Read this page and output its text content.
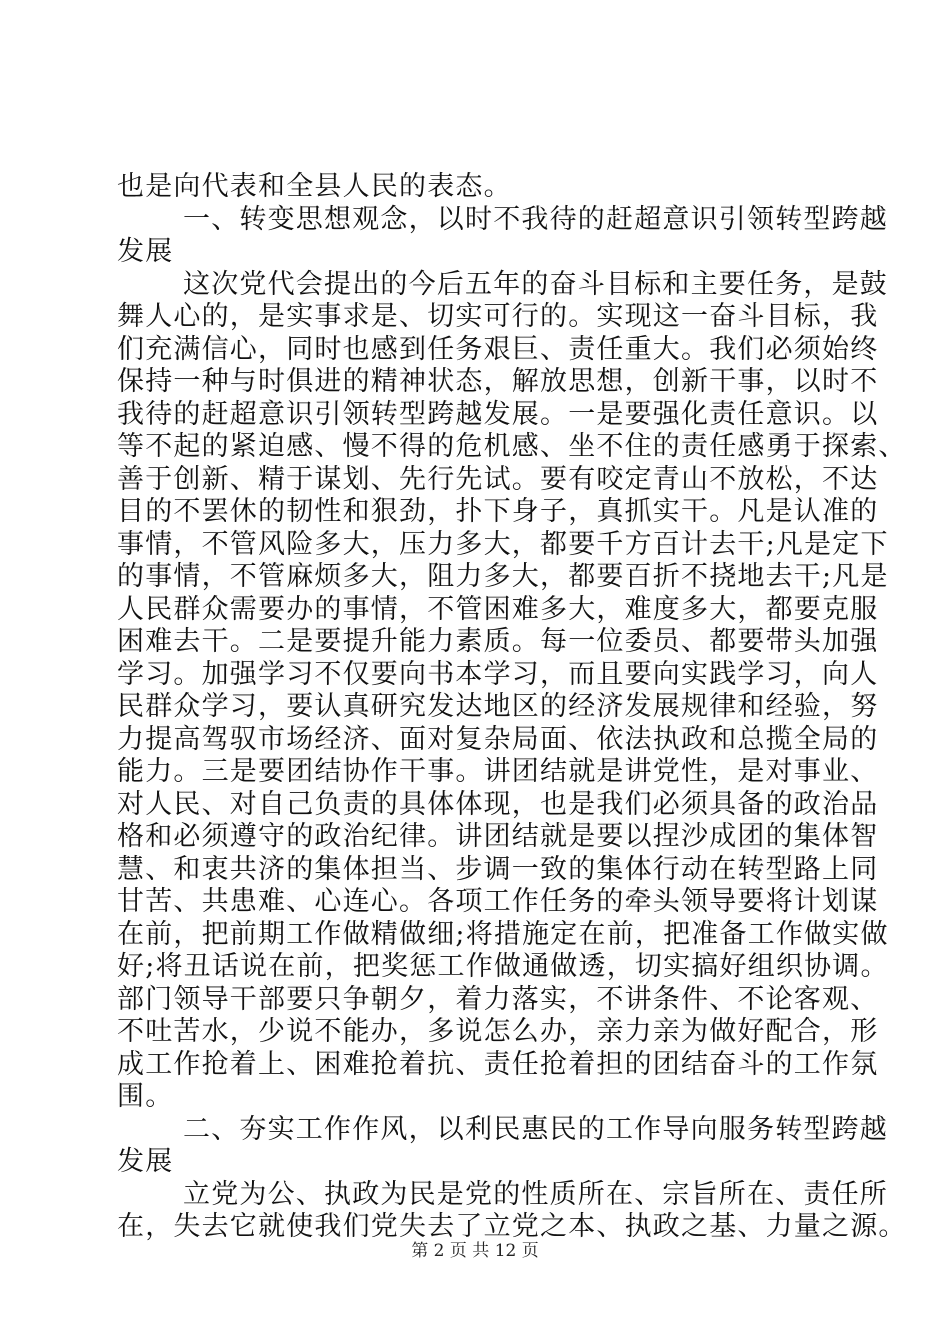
也是向代表和全县人民的表态。
一、转变思想观念，以时不我待的赶超意识引领转型跨越
发展
这次党代会提出的今后五年的奋斗目标和主要任务，是鼓
舞人心的，是实事求是、切实可行的。实现这一奋斗目标，我
们充满信心，同时也感到任务艰巨、责任重大。我们必须始终
保持一种与时俱进的精神状态，解放思想，创新干事，以时不
我待的赶超意识引领转型跨越发展。一是要强化责任意识。以
等不起的紧迫感、慢不得的危机感、坐不住的责任感勇于探索、
善于创新、精于谋划、先行先试。要有咬定青山不放松，不达
目的不罢休的韧性和狠劲，扑下身子，真抓实干。凡是认准的
事情，不管风险多大，压力多大，都要千方百计去干;凡是定下
的事情，不管麻烦多大，阻力多大，都要百折不挠地去干;凡是
人民群众需要办的事情，不管困难多大，难度多大，都要克服
困难去干。二是要提升能力素质。每一位委员、都要带头加强
学习。加强学习不仅要向书本学习，而且要向实践学习，向人
民群众学习，要认真研究发达地区的经济发展规律和经验，努
力提高驾驭市场经济、面对复杂局面、依法执政和总揽全局的
能力。三是要团结协作干事。讲团结就是讲党性，是对事业、
对人民、对自己负责的具体体现，也是我们必须具备的政治品
格和必须遵守的政治纪律。讲团结就是要以捏沙成团的集体智
慧、和衷共济的集体担当、步调一致的集体行动在转型路上同
甘苦、共患难、心连心。各项工作任务的牵头领导要将计划谋
在前，把前期工作做精做细;将措施定在前，把准备工作做实做
好;将丑话说在前，把奖惩工作做通做透，切实搞好组织协调。
部门领导干部要只争朝夕，着力落实，不讲条件、不论客观、
不吐苦水，少说不能办，多说怎么办，亲力亲为做好配合，形
成工作抢着上、困难抢着抗、责任抢着担的团结奋斗的工作氛
围。
二、夯实工作作风，以利民惠民的工作导向服务转型跨越
发展
立党为公、执政为民是党的性质所在、宗旨所在、责任所
在，失去它就使我们党失去了立党之本、执政之基、力量之源。
第 2 页 共 12 页
